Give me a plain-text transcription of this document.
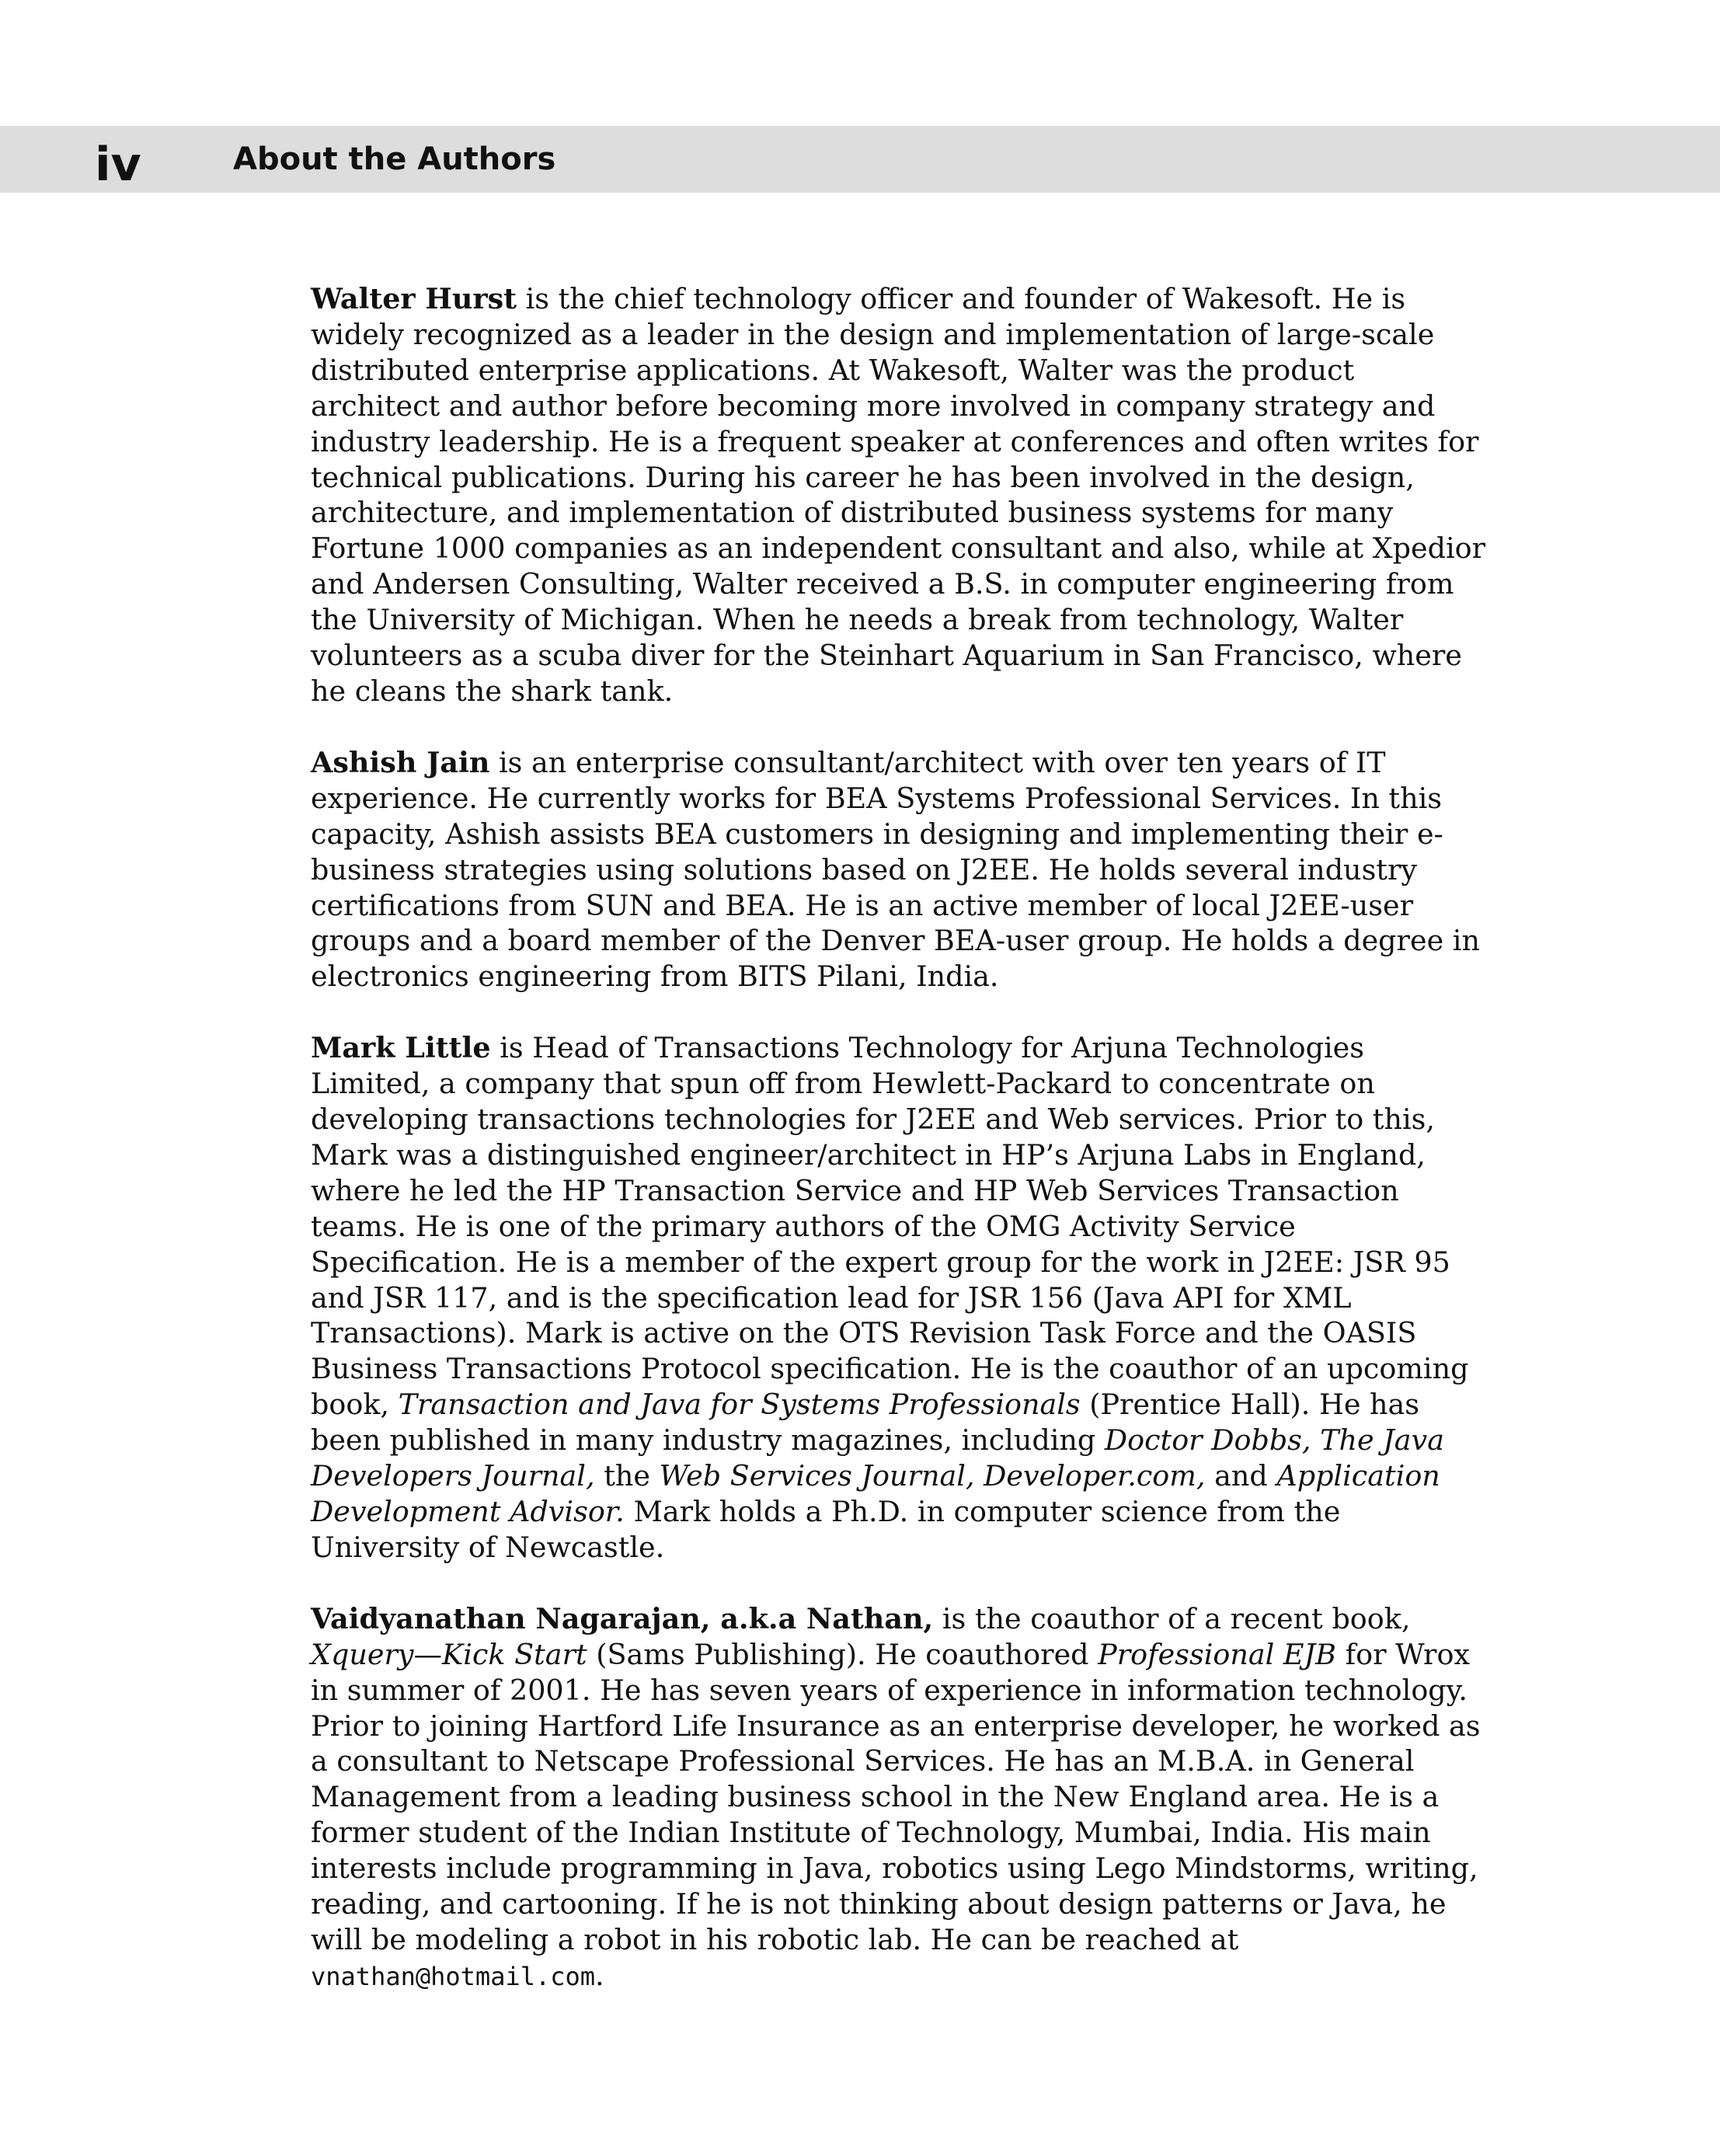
iv	About the Authors

Walter Hurst is the chief technology officer and founder of Wakesoft. He is widely recognized as a leader in the design and implementation of large-scale distributed enterprise applications. At Wakesoft, Walter was the product architect and author before becoming more involved in company strategy and industry leadership. He is a frequent speaker at conferences and often writes for technical publications. During his career he has been involved in the design, architecture, and implementation of distributed business systems for many Fortune 1000 companies as an independent consultant and also, while at Xpedior and Andersen Consulting, Walter received a B.S. in computer engineering from the University of Michigan. When he needs a break from technology, Walter volunteers as a scuba diver for the Steinhart Aquarium in San Francisco, where he cleans the shark tank.

Ashish Jain is an enterprise consultant/architect with over ten years of IT experience. He currently works for BEA Systems Professional Services. In this capacity, Ashish assists BEA customers in designing and implementing their e-business strategies using solutions based on J2EE. He holds several industry certifications from SUN and BEA. He is an active member of local J2EE-user groups and a board member of the Denver BEA-user group. He holds a degree in electronics engineering from BITS Pilani, India.

Mark Little is Head of Transactions Technology for Arjuna Technologies Limited, a company that spun off from Hewlett-Packard to concentrate on developing transactions technologies for J2EE and Web services. Prior to this, Mark was a distinguished engineer/architect in HP’s Arjuna Labs in England, where he led the HP Transaction Service and HP Web Services Transaction teams. He is one of the primary authors of the OMG Activity Service Specification. He is a member of the expert group for the work in J2EE: JSR 95 and JSR 117, and is the specification lead for JSR 156 (Java API for XML Transactions). Mark is active on the OTS Revision Task Force and the OASIS Business Transactions Protocol specification. He is the coauthor of an upcoming book, Transaction and Java for Systems Professionals (Prentice Hall). He has been published in many industry magazines, including Doctor Dobbs, The Java Developers Journal, the Web Services Journal, Developer.com, and Application Development Advisor. Mark holds a Ph.D. in computer science from the University of Newcastle.

Vaidyanathan Nagarajan, a.k.a Nathan, is the coauthor of a recent book, Xquery—Kick Start (Sams Publishing). He coauthored Professional EJB for Wrox in summer of 2001. He has seven years of experience in information technology. Prior to joining Hartford Life Insurance as an enterprise developer, he worked as a consultant to Netscape Professional Services. He has an M.B.A. in General Management from a leading business school in the New England area. He is a former student of the Indian Institute of Technology, Mumbai, India. His main interests include programming in Java, robotics using Lego Mindstorms, writing, reading, and cartooning. If he is not thinking about design patterns or Java, he will be modeling a robot in his robotic lab. He can be reached at vnathan@hotmail.com.
